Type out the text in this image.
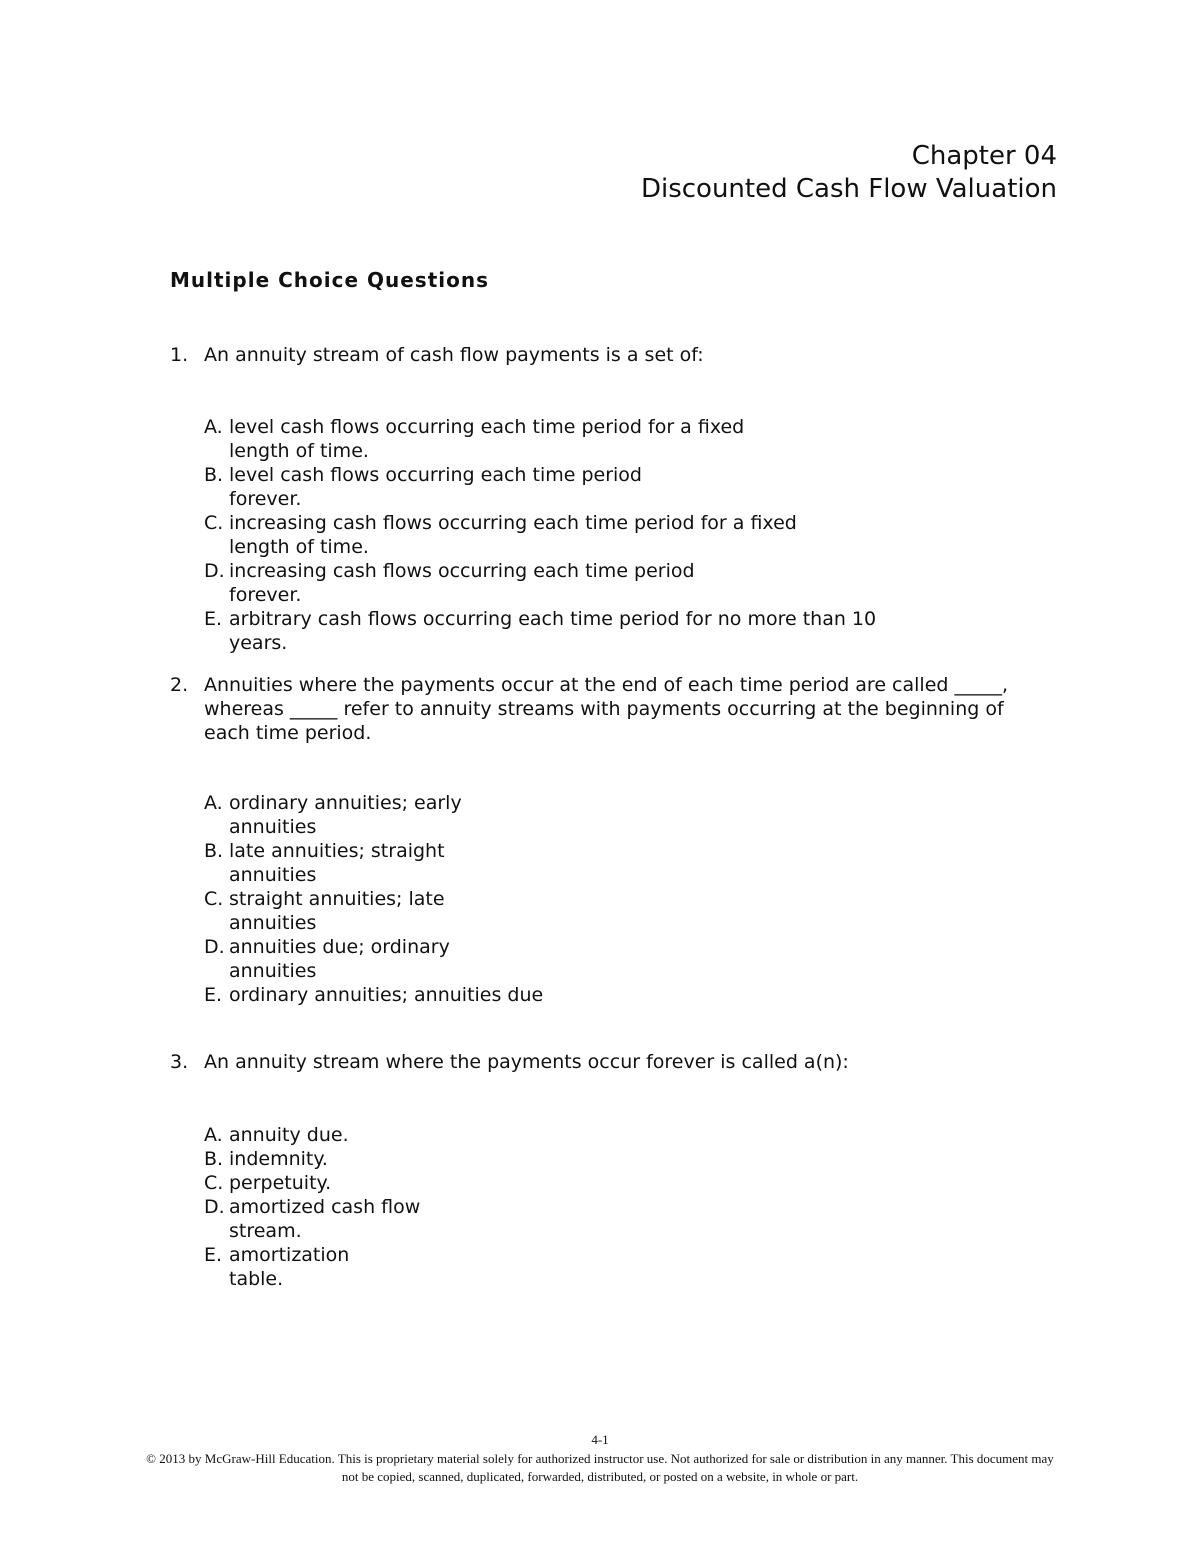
Chapter 04
Discounted Cash Flow Valuation
Multiple Choice Questions
1. An annuity stream of cash flow payments is a set of:
A. level cash flows occurring each time period for a fixed length of time.
B. level cash flows occurring each time period forever.
C. increasing cash flows occurring each time period for a fixed length of time.
D. increasing cash flows occurring each time period forever.
E. arbitrary cash flows occurring each time period for no more than 10 years.
2. Annuities where the payments occur at the end of each time period are called _____, whereas _____ refer to annuity streams with payments occurring at the beginning of each time period.
A. ordinary annuities; early annuities
B. late annuities; straight annuities
C. straight annuities; late annuities
D. annuities due; ordinary annuities
E. ordinary annuities; annuities due
3. An annuity stream where the payments occur forever is called a(n):
A. annuity due.
B. indemnity.
C. perpetuity.
D. amortized cash flow stream.
E. amortization table.
4-1
© 2013 by McGraw-Hill Education. This is proprietary material solely for authorized instructor use. Not authorized for sale or distribution in any manner. This document may not be copied, scanned, duplicated, forwarded, distributed, or posted on a website, in whole or part.
